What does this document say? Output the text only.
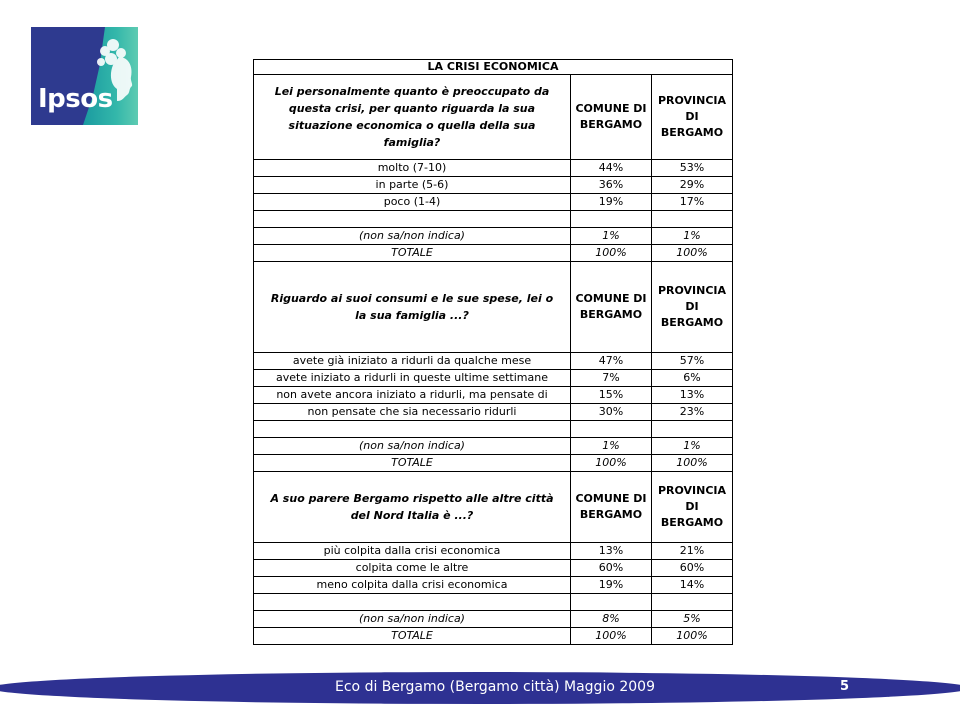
Ipsos
LA CRISI ECONOMICA		
Lei personalmente quanto è preoccupato da questa crisi, per quanto riguarda la sua situazione economica o quella della sua famiglia?	COMUNE DI BERGAMO	PROVINCIA DI BERGAMO
molto (7-10)	44%	53%
in parte (5-6)	36%	29%
poco (1-4)	19%	17%

(non sa/non indica)	1%	1%
TOTALE	100%	100%
Riguardo ai suoi consumi e le sue spese, lei o la sua famiglia ...?	COMUNE DI BERGAMO	PROVINCIA DI BERGAMO
avete già iniziato a ridurli da qualche mese	47%	57%
avete iniziato a ridurli in queste ultime settimane	7%	6%
non avete ancora iniziato a ridurli, ma pensate di	15%	13%
non pensate che sia necessario ridurli	30%	23%

(non sa/non indica)	1%	1%
TOTALE	100%	100%
A suo parere Bergamo rispetto alle altre città del Nord Italia è ...?	COMUNE DI BERGAMO	PROVINCIA DI BERGAMO
più colpita dalla crisi economica	13%	21%
colpita come le altre	60%	60%
meno colpita dalla crisi economica	19%	14%

(non sa/non indica)	8%	5%
TOTALE	100%	100%
Eco di Bergamo (Bergamo città) Maggio 2009	5
